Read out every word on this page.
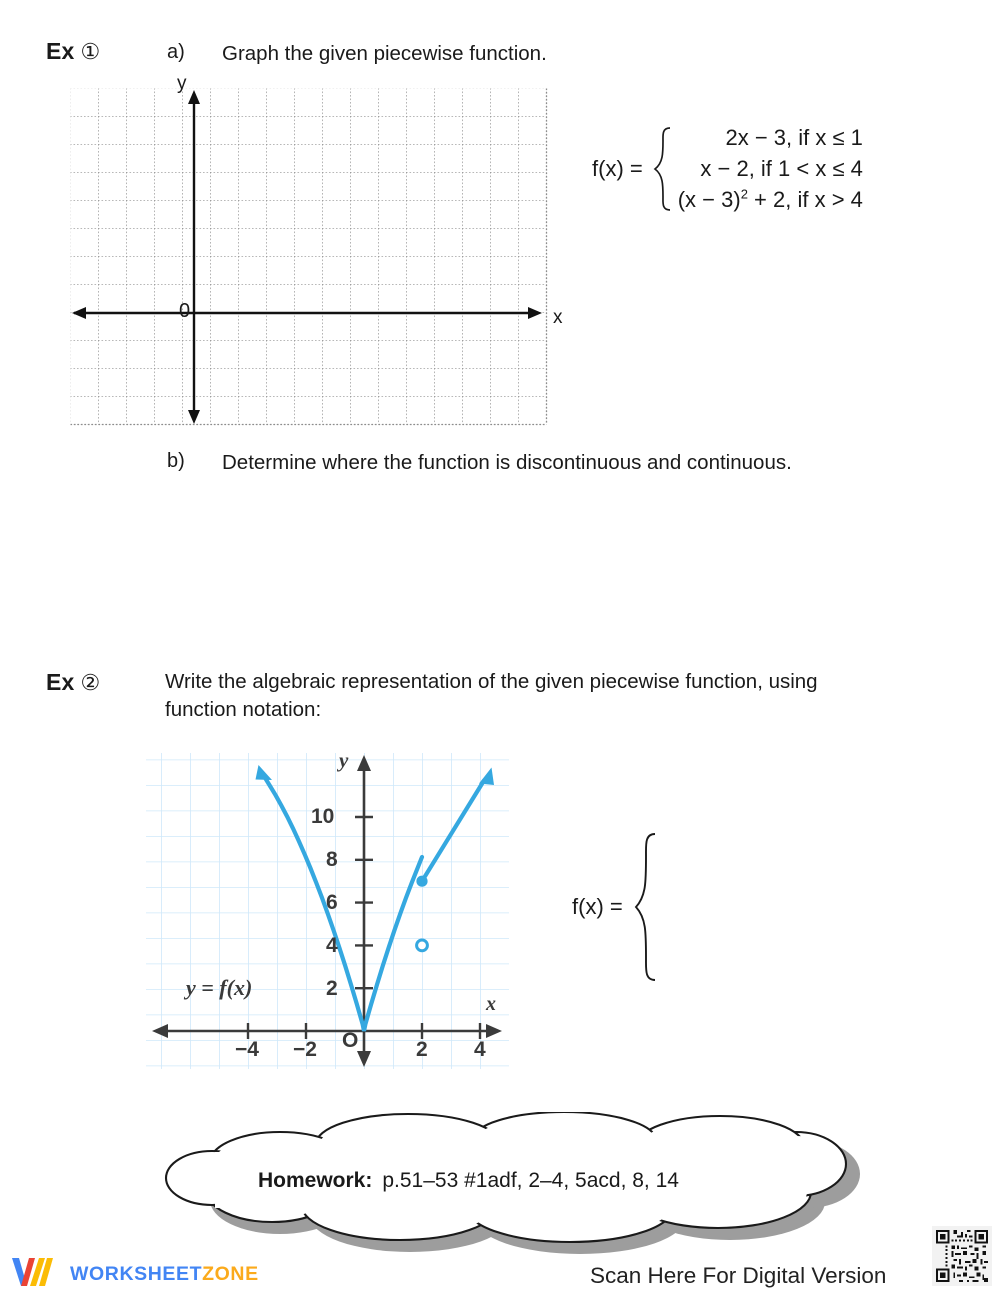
Ex ①	a) Graph the given piecewise function.
y
x
0
f(x) =
2x − 3, if x ≤ 1
x − 2, if 1 < x ≤ 4
$(x - 3)^2 + 2$, if x > 4
b) Determine where the function is discontinuous and continuous.
Ex ②	Write the algebraic representation of the given piecewise function, using
function notation:
y
x
O
10
8
6
4
2
−4 −2	2 4
y = f(x)
f(x) =
Homework: p.51–53 #1adf, 2–4, 5acd, 8, 14
WORKSHEETZONE	Scan Here For Digital Version
